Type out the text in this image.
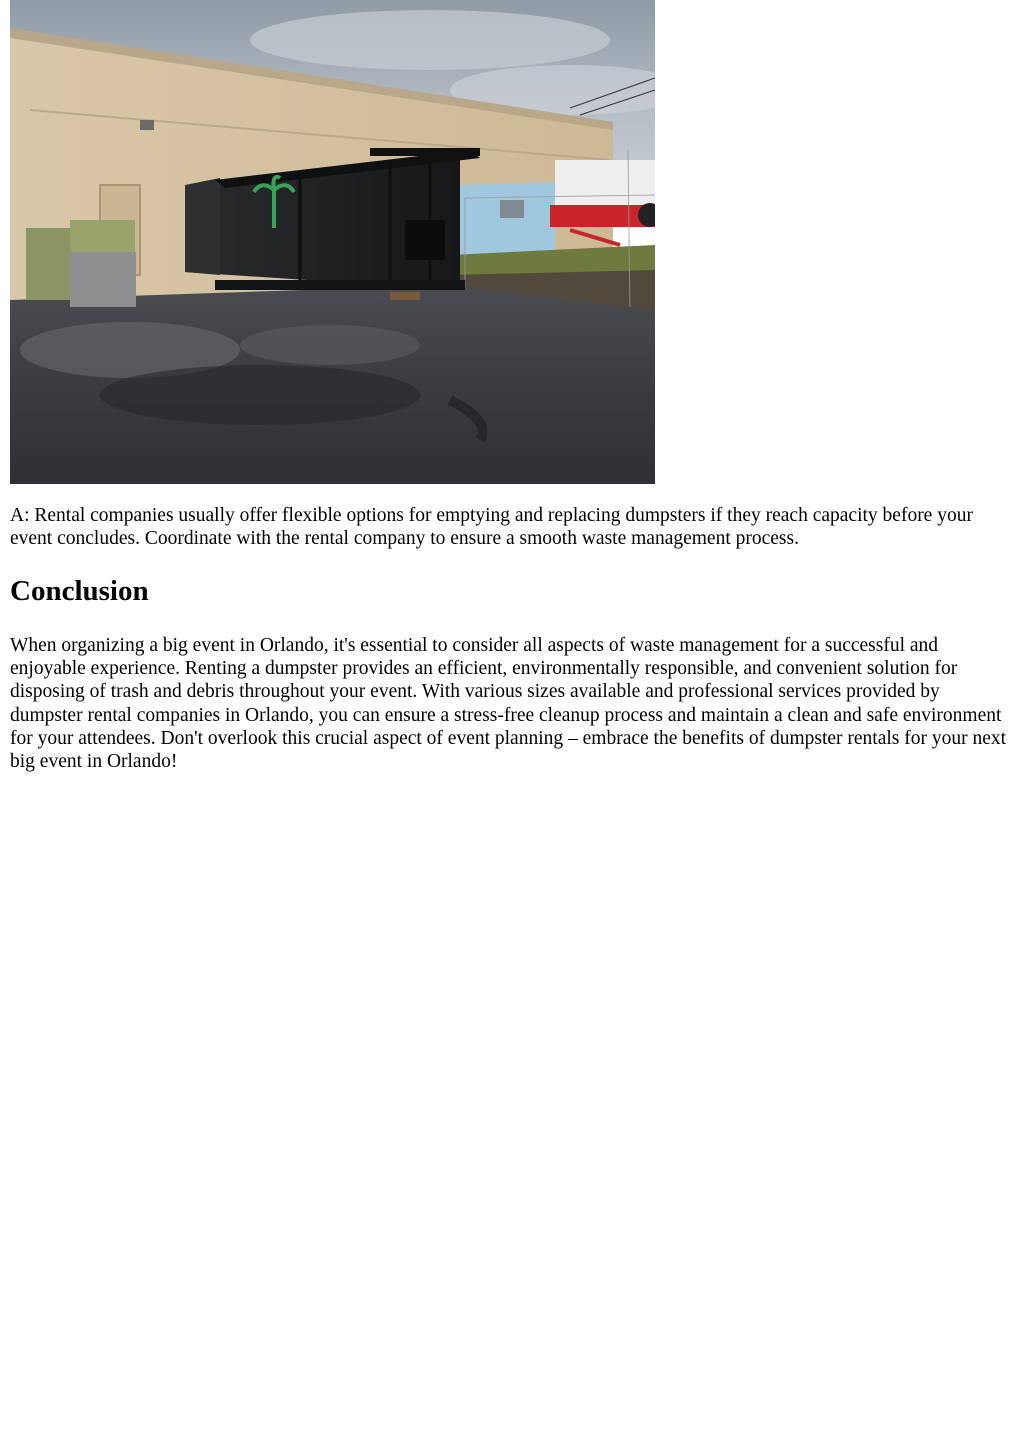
A: Rental companies usually offer flexible options for emptying and replacing dumpsters if they reach capacity before your event concludes. Coordinate with the rental company to ensure a smooth waste management process.

Conclusion

When organizing a big event in Orlando, it's essential to consider all aspects of waste management for a successful and enjoyable experience. Renting a dumpster provides an efficient, environmentally responsible, and convenient solution for disposing of trash and debris throughout your event. With various sizes available and professional services provided by dumpster rental companies in Orlando, you can ensure a stress-free cleanup process and maintain a clean and safe environment for your attendees. Don't overlook this crucial aspect of event planning – embrace the benefits of dumpster rentals for your next big event in Orlando!
